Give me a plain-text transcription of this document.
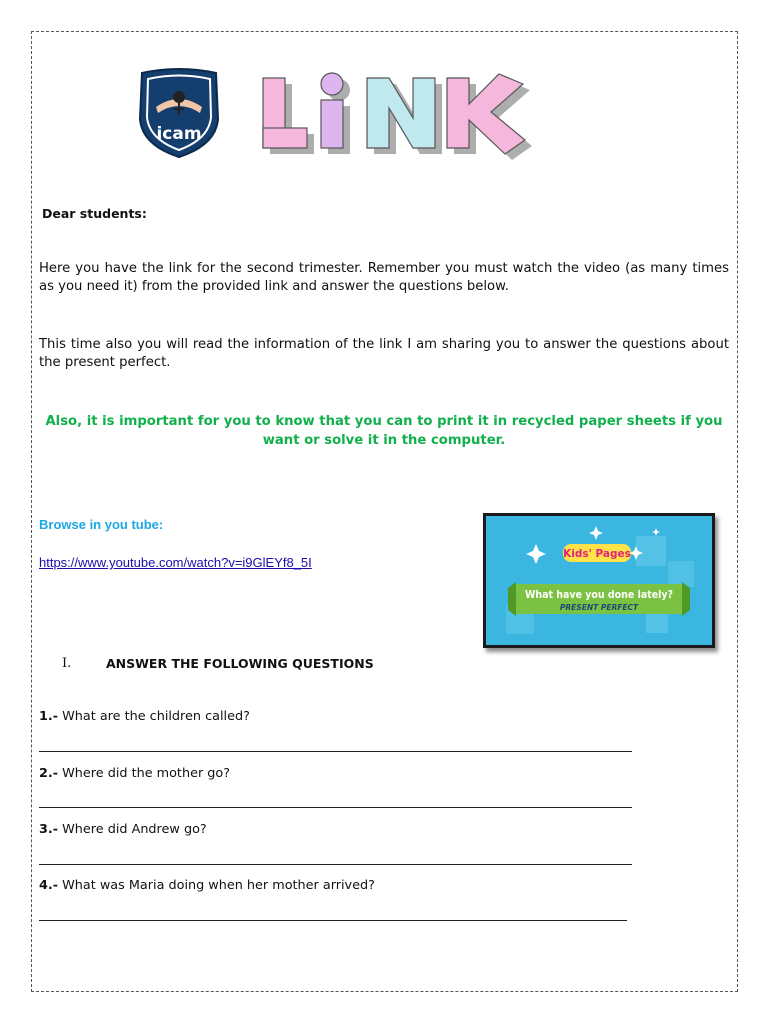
icam
Dear students:
Here you have the link for the second trimester. Remember you must watch the video (as many times as you need it) from the provided link and answer the questions below.
This time also you will read the information of the link I am sharing you to answer the questions about the present perfect.
Also, it is important for you to know that you can to print it in recycled paper sheets if you want or solve it in the computer.
Browse in you tube:
https://www.youtube.com/watch?v=i9GlEYf8_5I
Kids' Pages
What have you done lately?
PRESENT PERFECT
I.	ANSWER THE FOLLOWING QUESTIONS
1.- What are the children called?
2.- Where did the mother go?
3.- Where did Andrew go?
4.- What was Maria doing when her mother arrived?
